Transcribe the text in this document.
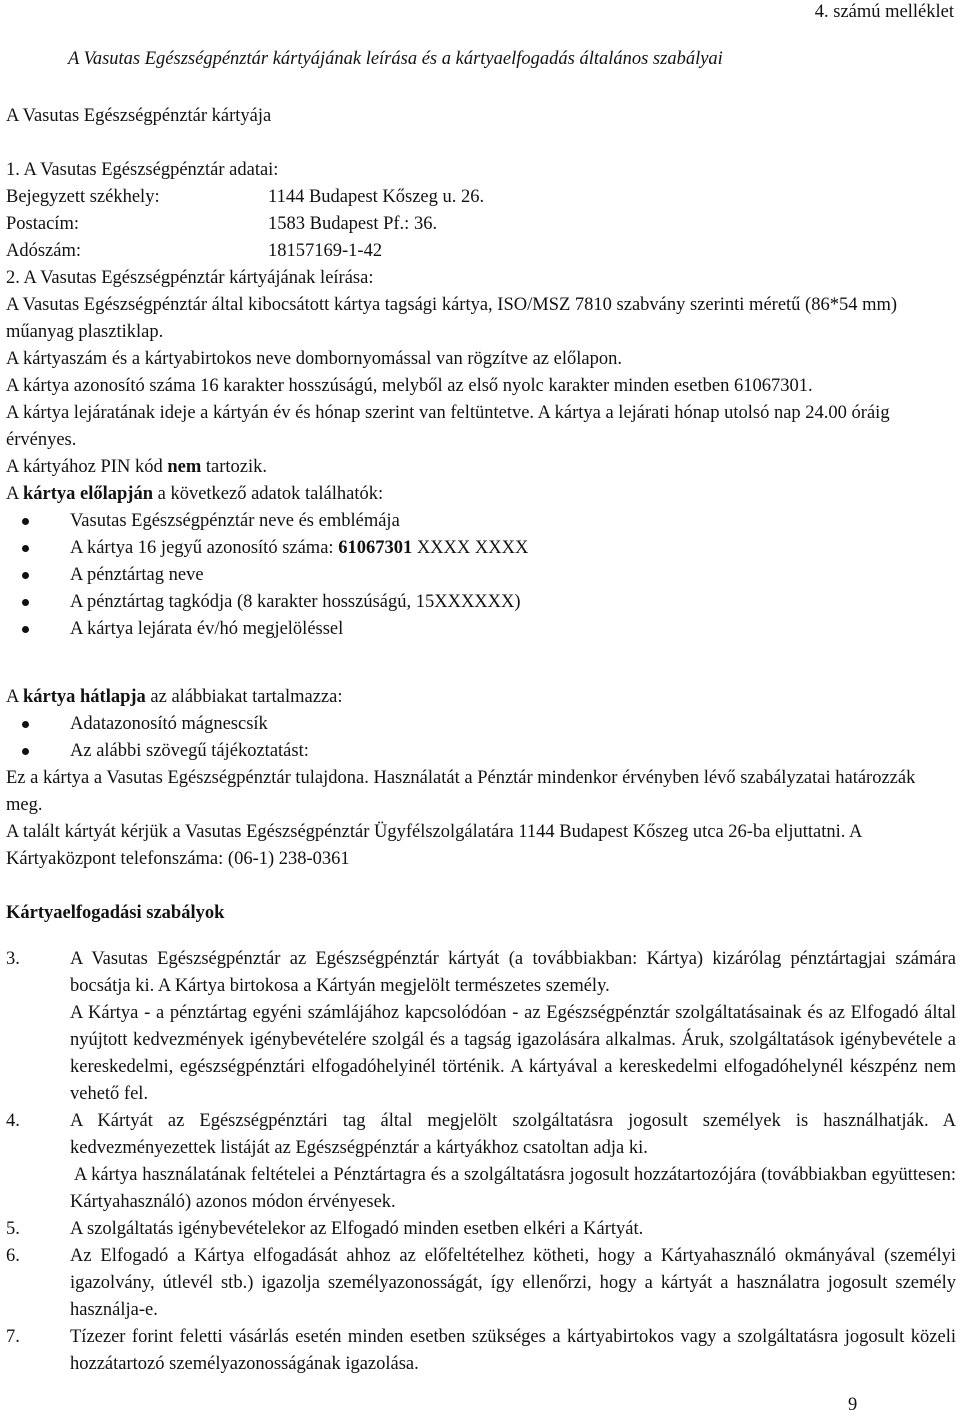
4. számú melléklet
A Vasutas Egészségpénztár kártyájának leírása és a kártyaelfogadás általános szabályai
A Vasutas Egészségpénztár kártyája

1. A Vasutas Egészségpénztár adatai:

Bejegyzett székhely:	1144 Budapest Kőszeg u. 26.
Postacím:	1583 Budapest Pf.: 36.
Adószám:	18157169-1-42

2. A Vasutas Egészségpénztár kártyájának leírása:

A Vasutas Egészségpénztár által kibocsátott kártya tagsági kártya, ISO/MSZ 7810 szabvány szerinti méretű (86*54 mm) műanyag plasztiklap.

A kártyaszám és a kártyabirtokos neve dombornyomással van rögzítve az előlapon.

A kártya azonosító száma 16 karakter hosszúságú, melyből az első nyolc karakter minden esetben 61067301.

A kártya lejáratának ideje a kártyán év és hónap szerint van feltüntetve. A kártya a lejárati hónap utolsó nap 24.00 óráig érvényes.

A kártyához PIN kód nem tartozik.

A kártya előlapján a következő adatok találhatók:

Vasutas Egészségpénztár neve és emblémája
A kártya 16 jegyű azonosító száma: 61067301 XXXX XXXX
A pénztártag neve
A pénztártag tagkódja (8 karakter hosszúságú, 15XXXXXX)
A kártya lejárata év/hó megjelöléssel

A kártya hátlapja az alábbiakat tartalmazza:

Adatazonosító mágnescsík
Az alábbi szövegű tájékoztatást:

Ez a kártya a Vasutas Egészségpénztár tulajdona. Használatát a Pénztár mindenkor érvényben lévő szabályzatai határozzák meg.

A talált kártyát kérjük a Vasutas Egészségpénztár Ügyfélszolgálatára 1144 Budapest Kőszeg utca 26-ba eljuttatni. A Kártyaközpont telefonszáma: (06-1) 238-0361

Kártyaelfogadási szabályok
3.	A Vasutas Egészségpénztár az Egészségpénztár kártyát (a továbbiakban: Kártya) kizárólag pénztártagjai számára bocsátja ki. A Kártya birtokosa a Kártyán megjelölt természetes személy.

A Kártya - a pénztártag egyéni számlájához kapcsolódóan - az Egészségpénztár szolgáltatásainak és az Elfogadó által nyújtott kedvezmények igénybevételére szolgál és a tagság igazolására alkalmas. Áruk, szolgáltatások igénybevétele a kereskedelmi, egészségpénztári elfogadóhelyinél történik. A kártyával a kereskedelmi elfogadóhelynél készpénz nem vehető fel.

4.	A Kártyát az Egészségpénztári tag által megjelölt szolgáltatásra jogosult személyek is használhatják. A kedvezményezettek listáját az Egészségpénztár a kártyákhoz csatoltan adja ki.

A kártya használatának feltételei a Pénztártagra és a szolgáltatásra jogosult hozzátartozójára (továbbiakban együttesen: Kártyahasználó) azonos módon érvényesek.

5.	A szolgáltatás igénybevételekor az Elfogadó minden esetben elkéri a Kártyát.

6.	Az Elfogadó a Kártya elfogadását ahhoz az előfeltételhez kötheti, hogy a Kártyahasználó okmányával (személyi igazolvány, útlevél stb.) igazolja személyazonosságát, így ellenőrzi, hogy a kártyát a használatra jogosult személy használja-e.

7.	Tízezer forint feletti vásárlás esetén minden esetben szükséges a kártyabirtokos vagy a szolgáltatásra jogosult közeli hozzátartozó személyazonosságának igazolása.

9
